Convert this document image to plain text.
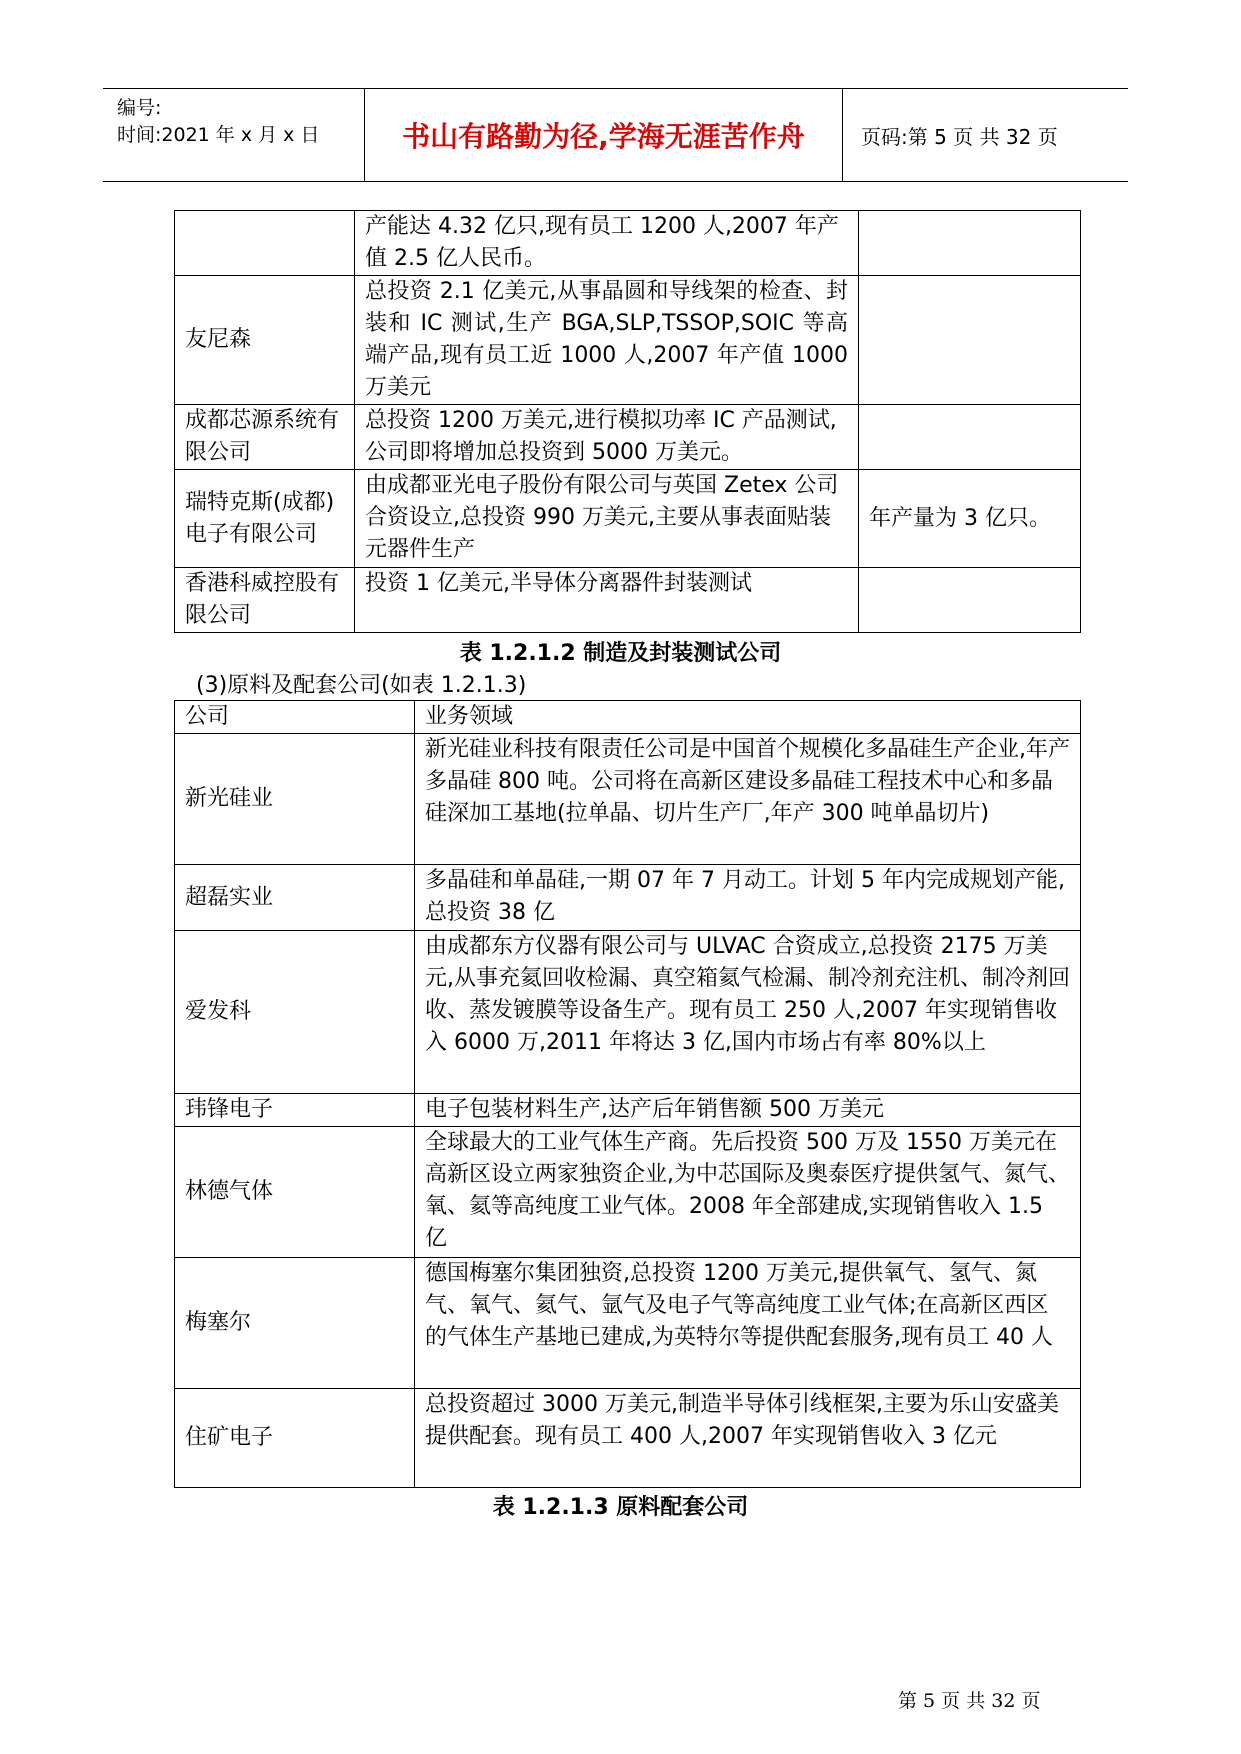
编号:
时间:2021 年 x 月 x 日	书山有路勤为径,学海无涯苦作舟	页码:第 5 页 共 32 页
	产能达 4.32 亿只,现有员工 1200 人,2007 年产值 2.5 亿人民币。	
友尼森	总投资 2.1 亿美元,从事晶圆和导线架的检查、封装和 IC 测试,生产 BGA,SLP,TSSOP,SOIC 等高端产品,现有员工近 1000 人,2007 年产值 1000 万美元	
成都芯源系统有限公司	总投资 1200 万美元,进行模拟功率 IC 产品测试,公司即将增加总投资到 5000 万美元。	
瑞特克斯(成都)电子有限公司	由成都亚光电子股份有限公司与英国 Zetex 公司合资设立,总投资 990 万美元,主要从事表面贴装元器件生产	年产量为 3 亿只。
香港科威控股有限公司	投资 1 亿美元,半导体分离器件封装测试	
表 1.2.1.2 制造及封装测试公司
(3)原料及配套公司(如表 1.2.1.3)
公司	业务领域
新光硅业	新光硅业科技有限责任公司是中国首个规模化多晶硅生产企业,年产多晶硅 800 吨。公司将在高新区建设多晶硅工程技术中心和多晶硅深加工基地(拉单晶、切片生产厂,年产 300 吨单晶切片)
超磊实业	多晶硅和单晶硅,一期 07 年 7 月动工。计划 5 年内完成规划产能,总投资 38 亿
爱发科	由成都东方仪器有限公司与 ULVAC 合资成立,总投资 2175 万美元,从事充氦回收检漏、真空箱氦气检漏、制冷剂充注机、制冷剂回收、蒸发镀膜等设备生产。现有员工 250 人,2007 年实现销售收入 6000 万,2011 年将达 3 亿,国内市场占有率 80%以上
玮锋电子	电子包装材料生产,达产后年销售额 500 万美元
林德气体	全球最大的工业气体生产商。先后投资 500 万及 1550 万美元在高新区设立两家独资企业,为中芯国际及奥泰医疗提供氢气、氮气、氧、氦等高纯度工业气体。2008 年全部建成,实现销售收入 1.5 亿
梅塞尔	德国梅塞尔集团独资,总投资 1200 万美元,提供氧气、氢气、氮气、氧气、氦气、氩气及电子气等高纯度工业气体;在高新区西区的气体生产基地已建成,为英特尔等提供配套服务,现有员工 40 人
住矿电子	总投资超过 3000 万美元,制造半导体引线框架,主要为乐山安盛美提供配套。现有员工 400 人,2007 年实现销售收入 3 亿元
表 1.2.1.3 原料配套公司
第 5 页 共 32 页
